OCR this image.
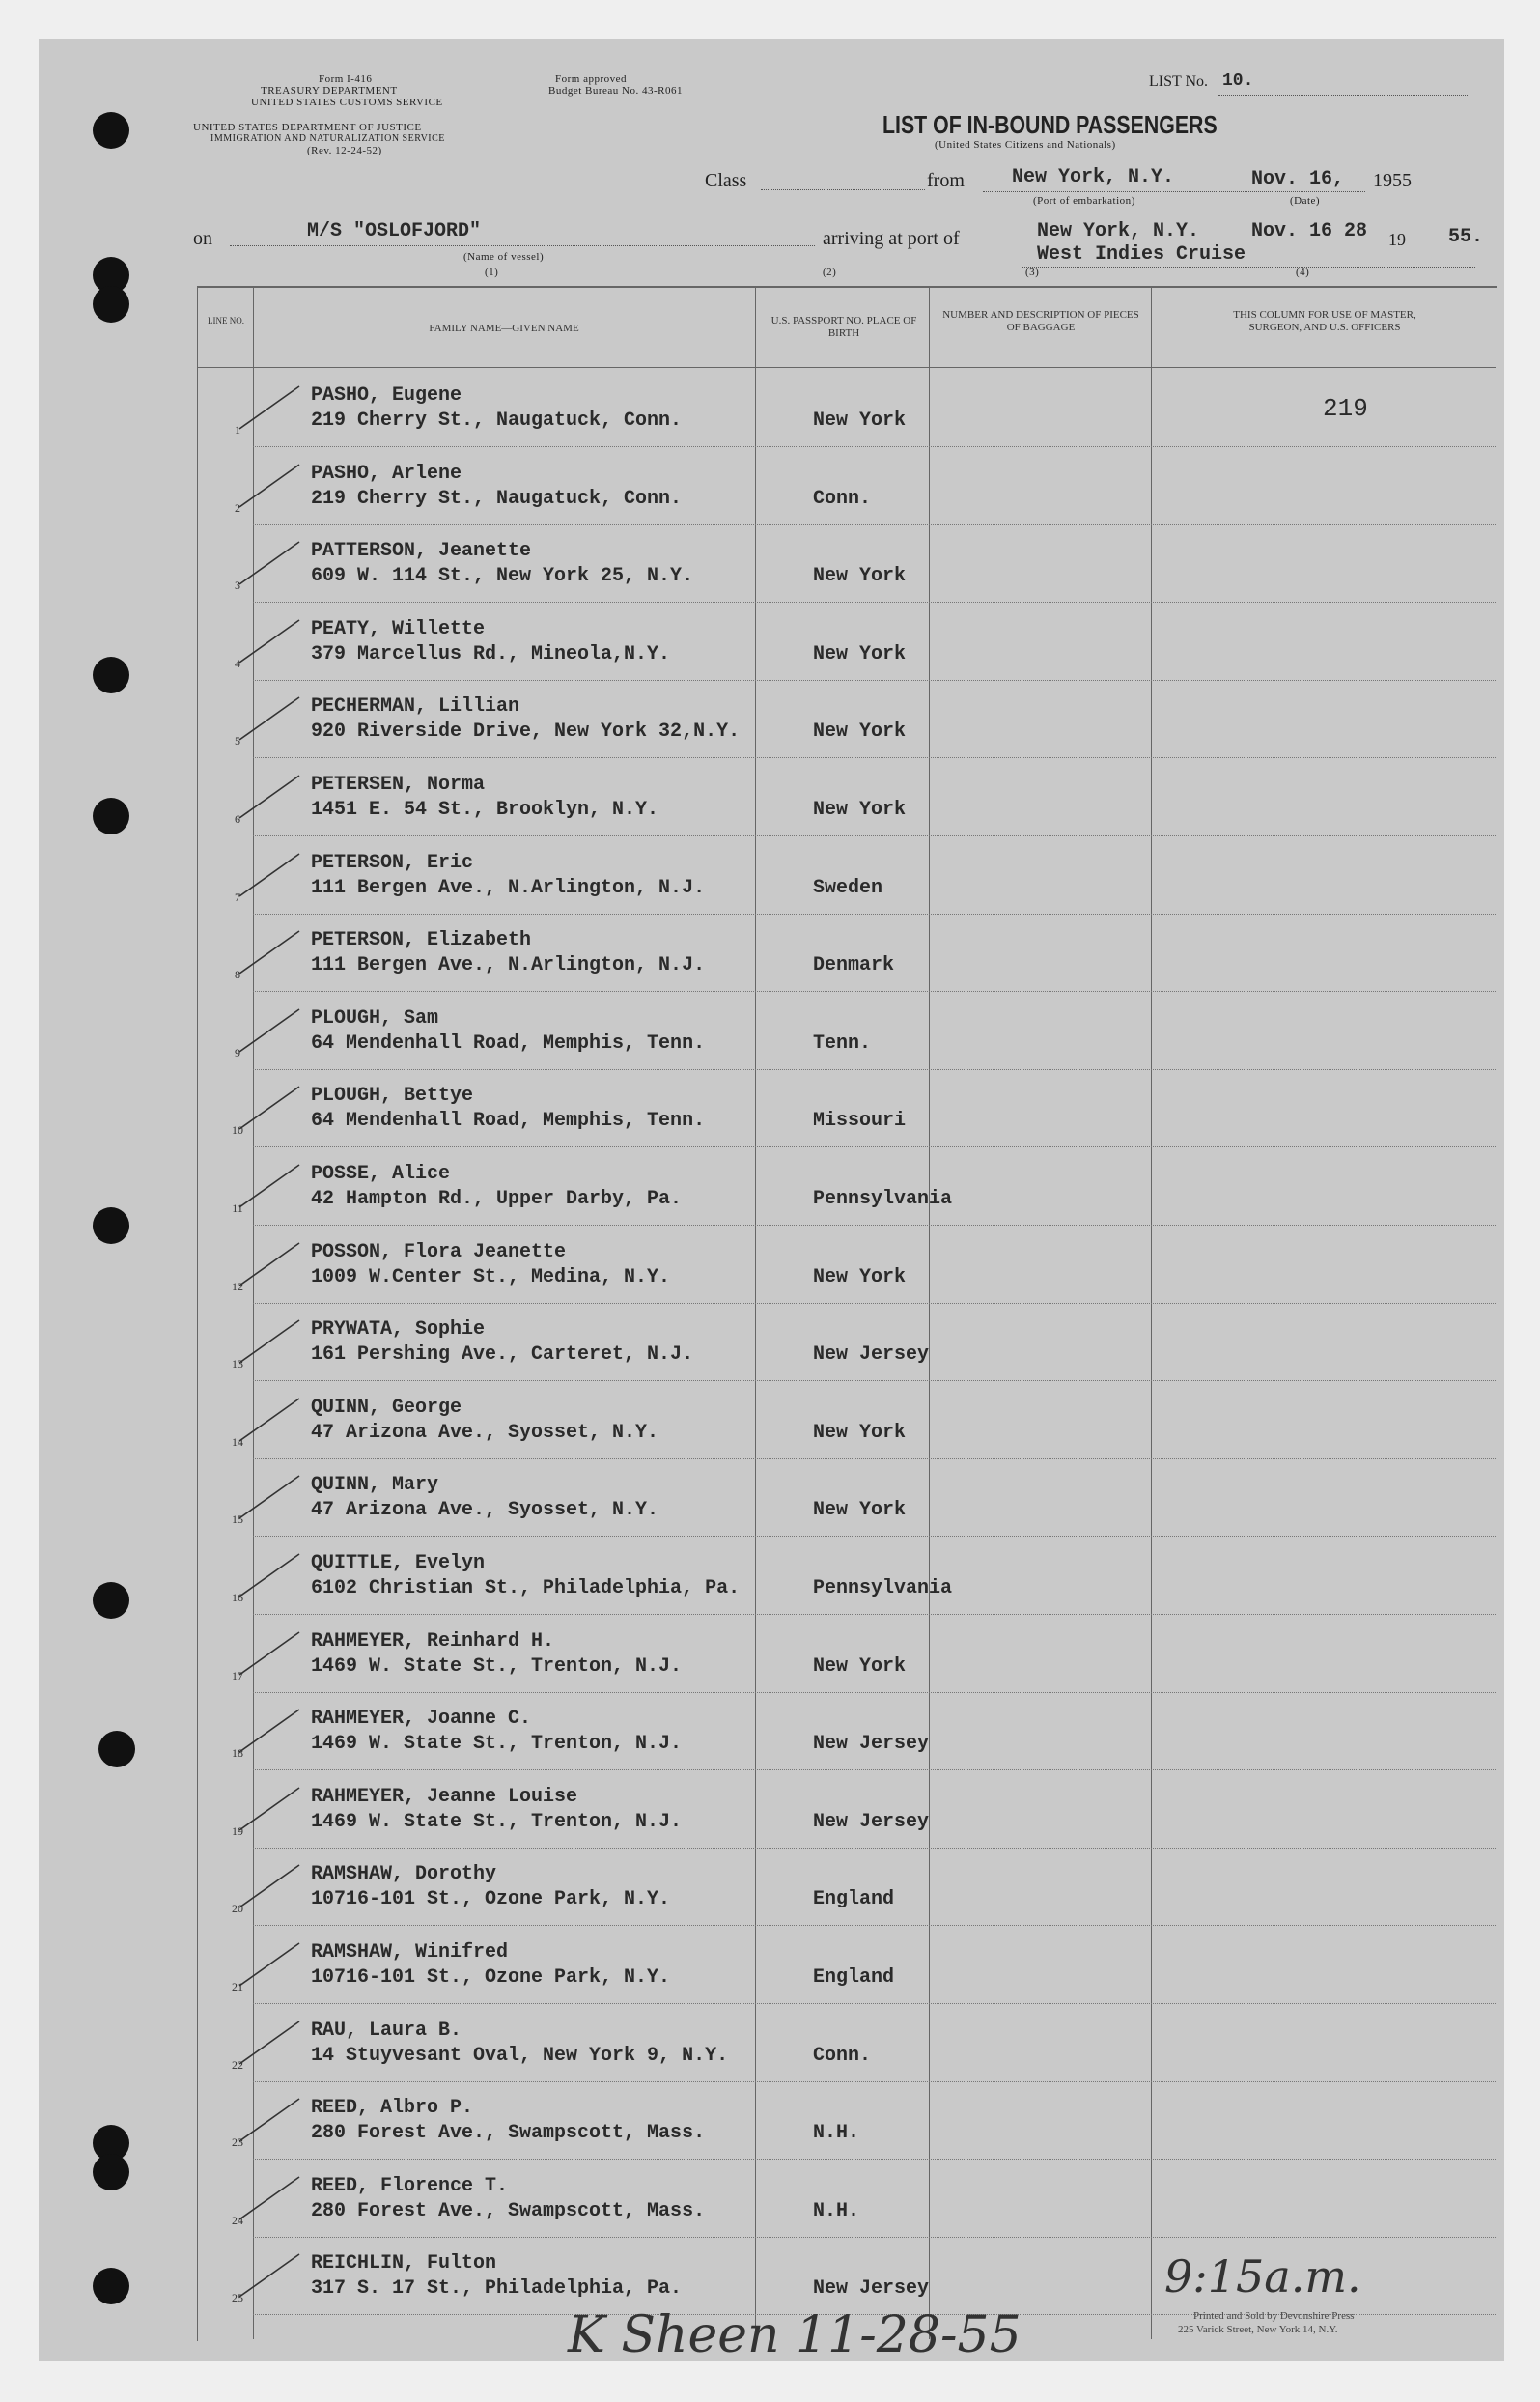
Form I-416
TREASURY DEPARTMENT
UNITED STATES CUSTOMS SERVICE
UNITED STATES DEPARTMENT OF JUSTICE
IMMIGRATION AND NATURALIZATION SERVICE
(Rev. 12-24-52)
Form approved
Budget Bureau No. 43-R061
LIST No. 10.
LIST OF IN-BOUND PASSENGERS
(United States Citizens and Nationals)
Class	from New York, N.Y.	Nov. 16, 1955
(Port of embarkation)	(Date)
on	M/S "OSLOFJORD"
(Name of vessel)
arriving at port of	New York, N.Y.	Nov. 16 28 19 55.
West Indies Cruise
(1)	(2)	(3)	(4)
LINE NO.
FAMILY NAME—GIVEN NAME
U.S. PASSPORT NO. PLACE OF BIRTH
NUMBER AND DESCRIPTION OF PIECES OF BAGGAGE
THIS COLUMN FOR USE OF MASTER, SURGEON, AND U.S. OFFICERS
219
1
PASHO, Eugene
219 Cherry St., Naugatuck, Conn.	New York
2
PASHO, Arlene
219 Cherry St., Naugatuck, Conn.	Conn.
3
PATTERSON, Jeanette
609 W. 114 St., New York 25, N.Y.	New York
4
PEATY, Willette
379 Marcellus Rd., Mineola,N.Y.	New York
5
PECHERMAN, Lillian
920 Riverside Drive, New York 32,N.Y.	New York
6
PETERSEN, Norma
1451 E. 54 St., Brooklyn, N.Y.	New York
7
PETERSON, Eric
111 Bergen Ave., N.Arlington, N.J.	Sweden
8
PETERSON, Elizabeth
111 Bergen Ave., N.Arlington, N.J.	Denmark
9
PLOUGH, Sam
64 Mendenhall Road, Memphis, Tenn.	Tenn.
10
PLOUGH, Bettye
64 Mendenhall Road, Memphis, Tenn.	Missouri
11
POSSE, Alice
42 Hampton Rd., Upper Darby, Pa.	Pennsylvania
12
POSSON, Flora Jeanette
1009 W.Center St., Medina, N.Y.	New York
13
PRYWATA, Sophie
161 Pershing Ave., Carteret, N.J.	New Jersey
14
QUINN, George
47 Arizona Ave., Syosset, N.Y.	New York
15
QUINN, Mary
47 Arizona Ave., Syosset, N.Y.	New York
16
QUITTLE, Evelyn
6102 Christian St., Philadelphia, Pa.	Pennsylvania
17
RAHMEYER, Reinhard H.
1469 W. State St., Trenton, N.J.	New York
18
RAHMEYER, Joanne C.
1469 W. State St., Trenton, N.J.	New Jersey
19
RAHMEYER, Jeanne Louise
1469 W. State St., Trenton, N.J.	New Jersey
20
RAMSHAW, Dorothy
10716-101 St., Ozone Park, N.Y.	England
21
RAMSHAW, Winifred
10716-101 St., Ozone Park, N.Y.	England
22
RAU, Laura B.
14 Stuyvesant Oval, New York 9, N.Y.	Conn.
23
REED, Albro P.
280 Forest Ave., Swampscott, Mass.	N.H.
24
REED, Florence T.
280 Forest Ave., Swampscott, Mass.	N.H.
25
REICHLIN, Fulton
317 S. 17 St., Philadelphia, Pa.	New Jersey	9:15a.m.
K Sheen 11-28-55	Printed and Sold by Devonshire Press
225 Varick Street, New York 14, N.Y.
